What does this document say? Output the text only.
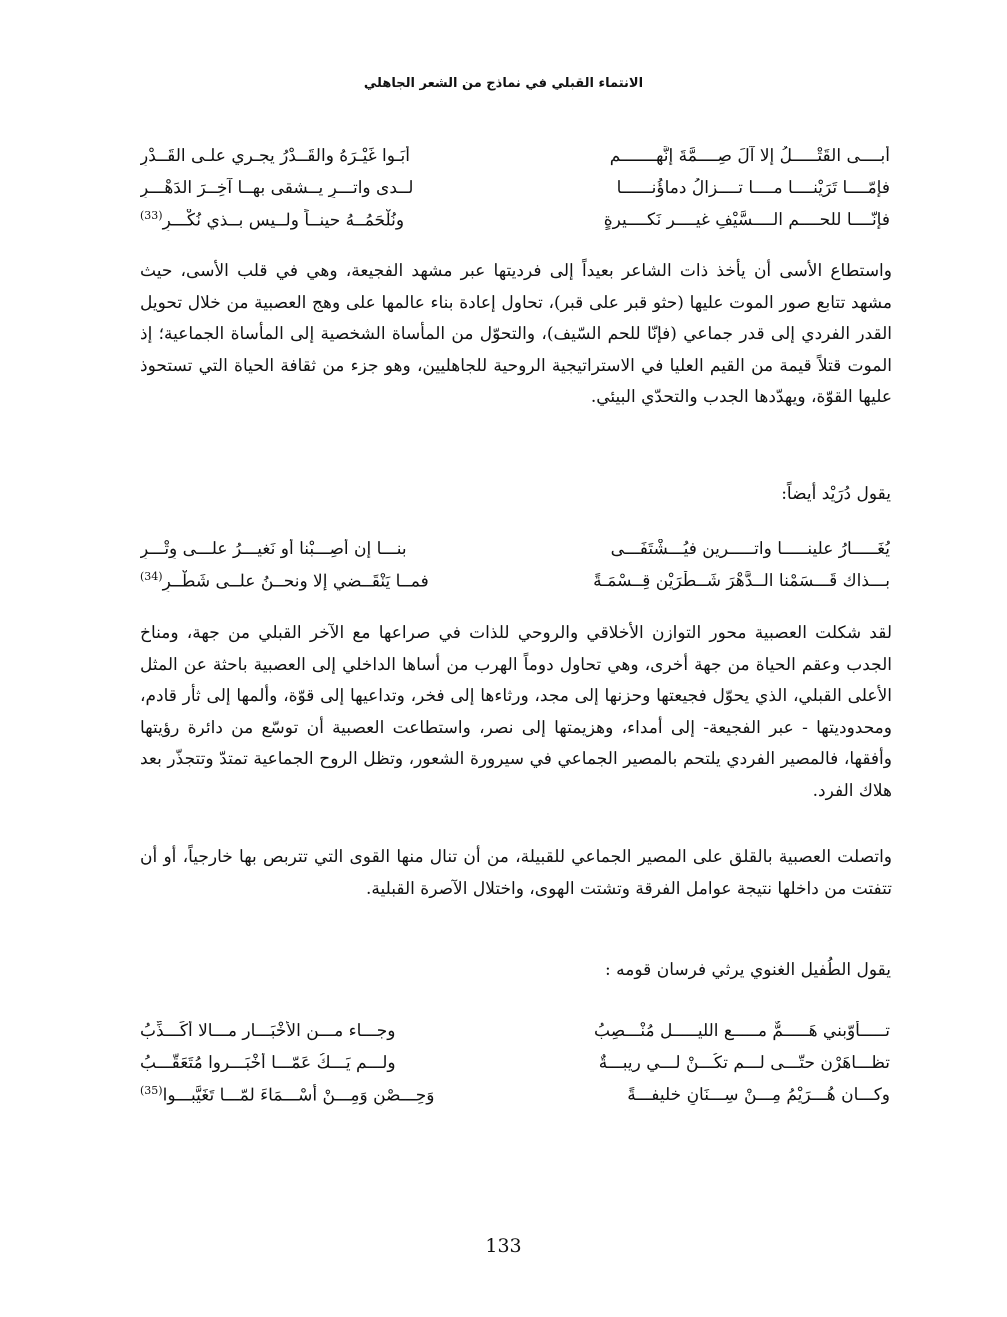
الانتماء القبلي في نماذج من الشعر الجاهلي
أبــــى القَتْـــــلُ إلا آلَ صِــــمَّةَ إنَّهـــــــم
أَبَـوا غَيْـرَهُ والقَــدْرُ يجـري علـى القَــدْرِ
فإمّــــا تَرَيْنــــا مــــا تــــزالُ دماؤُنــــــا
لــدى واتـــرٍ يــشقى بهــا آخِــرَ الدَهْـــرِ
فإنّــــا للحــــم الــــسَّيْفِ غيــــر نَكــــيرةٍ
ونُلْحَمُــهُ حينــاً ولــيس بــذي نُكْـــرِ$^{(33)}$

واستطاع الأسى أن يأخذ ذات الشاعر بعيداً إلى فرديتها عبر مشهد الفجيعة، وهي في قلب الأسى، حيث مشهد تتابع صور الموت عليها (حثو قبر على قبر)، تحاول إعادة بناء عالمها على وهج العصبية من خلال تحويل القدر الفردي إلى قدر جماعي (فإنّا للحم السّيف)، والتحوّل من المأساة الشخصية إلى المأساة الجماعية؛ إذ الموت قتلاً قيمة من القيم العليا في الاستراتيجية الروحية للجاهليين، وهو جزء من ثقافة الحياة التي تستحوذ عليها القوّة، ويهدّدها الجدب والتحدّي البيئي.

يقول دُرَيْد أيضاً:

يُغَـــــارُ علينـــــا واتـــــرين فيُـــشْتَفَـــى
بنـــا إن أُصِـــبْنا أو نَغيـــرُ علـــى وِتْـــرِ
بـــذاك قَـــسَمْنا الــدَّهْرَ شَــطْرَيْنِ قِــسْمَـةً
فمــا يَنْقَــضي إلا ونحــنُ علــى شَطْــرِ$^{(34)}$

لقد شكلت العصبية محور التوازن الأخلاقي والروحي للذات في صراعها مع الآخر القبلي من جهة، ومناخ الجدب وعقم الحياة من جهة أخرى، وهي تحاول دوماً الهرب من أساها الداخلي إلى العصبية باحثة عن المثل الأعلى القبلي، الذي يحوّل فجيعتها وحزنها إلى مجد، ورثاءها إلى فخر، وتداعيها إلى قوّة، وألمها إلى ثأر قادم، ومحدوديتها - عبر الفجيعة- إلى أمداء، وهزيمتها إلى نصر، واستطاعت العصبية أن توسّع من دائرة رؤيتها وأفقها، فالمصير الفردي يلتحم بالمصير الجماعي في سيرورة الشعور، وتظل الروح الجماعية تمتدّ وتتجذّر بعد هلاك الفرد.

واتصلت العصبية بالقلق على المصير الجماعي للقبيلة، من أن تنال منها القوى التي تتربص بها خارجياً، أو أن تتفتت من داخلها نتيجة عوامل الفرقة وتشتت الهوى، واختلال الآصرة القبلية.

يقول الطُفيل الغنوي يرثي فرسان قومه :

تـــــأوّبني هَـــــمٌّ مـــــع الليـــــل مُنْـــصِبُ
وجـــاء مـــن الأخْبَـــار مـــالا أُكَـــذِّبُ
تظـــاهَرْن حتّـــى لـــم تكُـــنْ لـــي ريبـــةٌ
ولـــم يَـــكُ عَمّـــا أخْبَـــروا مُتَعَقَّـــبُ
وكـــان هُـــرَيْمُ مِـــنْ سِـــنَانٍ خليفـــةً
وَحِـــصْنٍ وَمِـــنْ أسْـــمَاءَ لمّـــا تَغَيَّبـــوا$^{(35)}$
133
